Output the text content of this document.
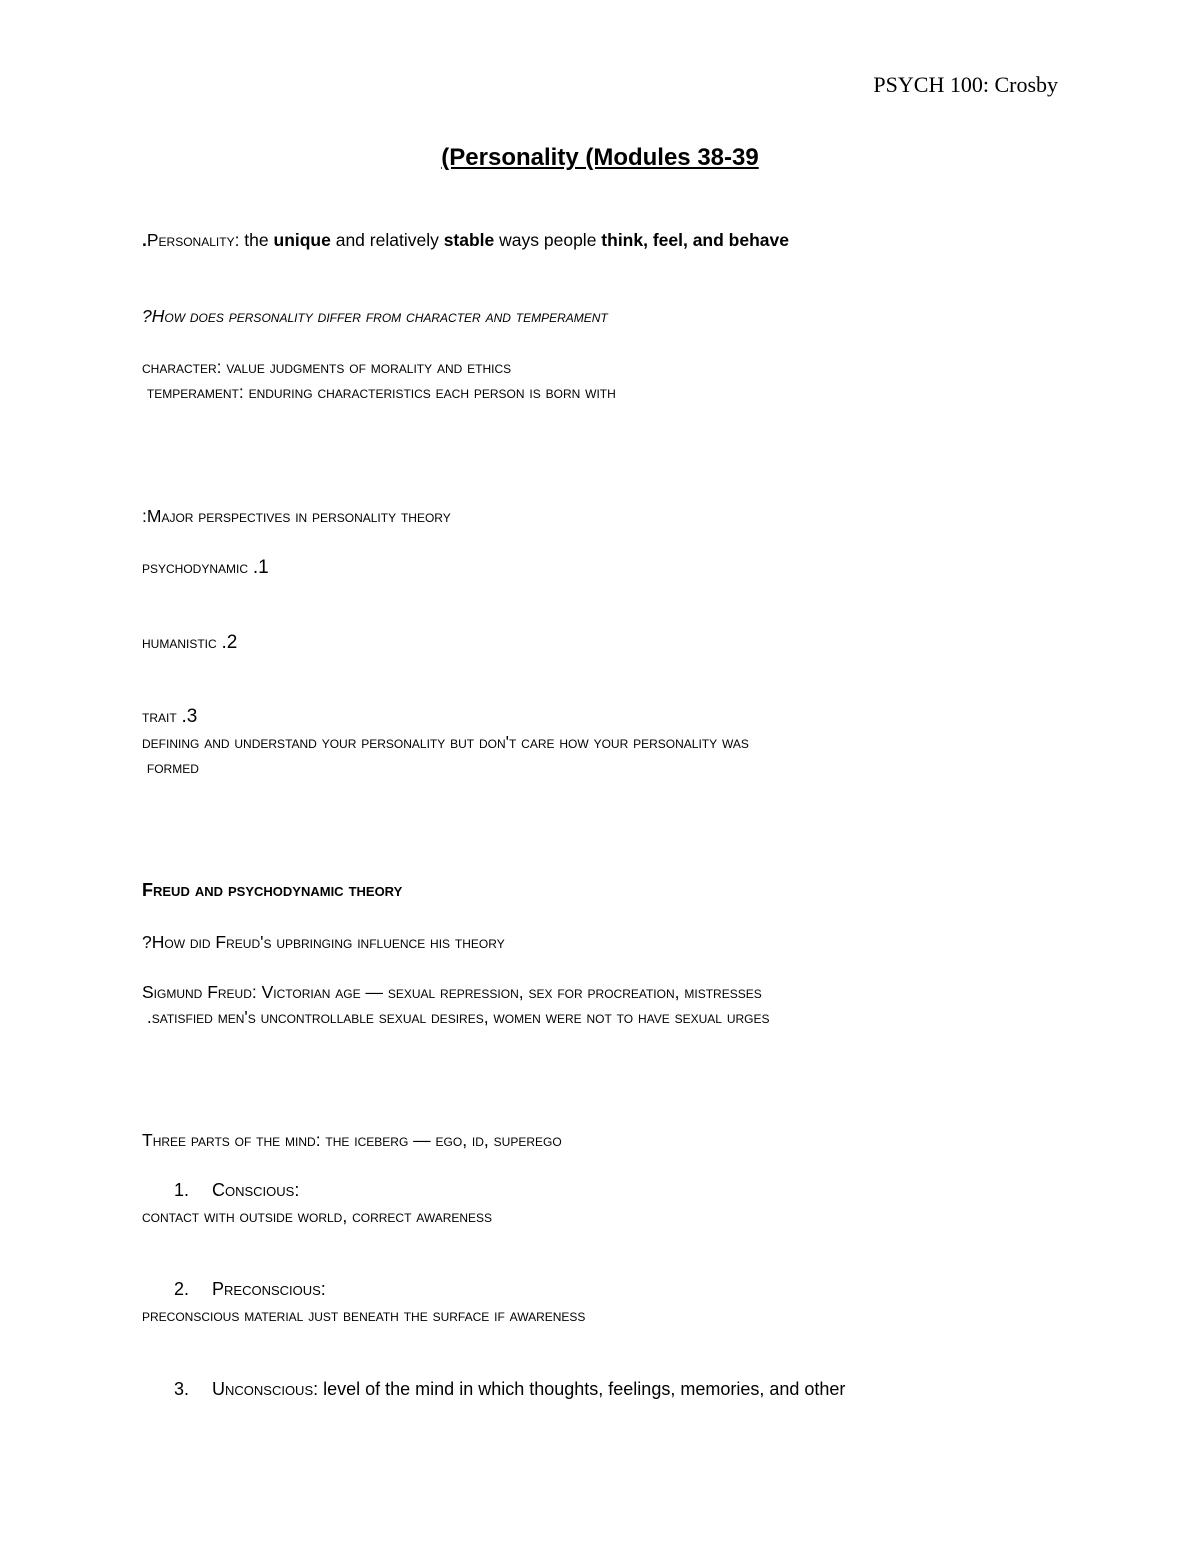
PSYCH 100: Crosby
(Personality (Modules 38-39
.Personality: the unique and relatively stable ways people think, feel, and behave
?How does personality differ from character and temperament
character: value judgments of morality and ethics
temperament: enduring characteristics each person is born with
:Major perspectives in personality theory
psychodynamic .1
humanistic .2
trait .3
defining and understand your personality but don't care how your personality was
formed
Freud and psychodynamic theory
?How did Freud's upbringing influence his theory
Sigmund Freud: Victorian age — sexual repression, sex for procreation, mistresses
.satisfied men's uncontrollable sexual desires, women were not to have sexual urges
Three parts of the mind: the iceberg — ego, id, superego
1. Conscious:
contact with outside world, correct awareness
2. Preconscious:
preconscious material just beneath the surface if awareness
3. Unconscious: level of the mind in which thoughts, feelings, memories, and other
